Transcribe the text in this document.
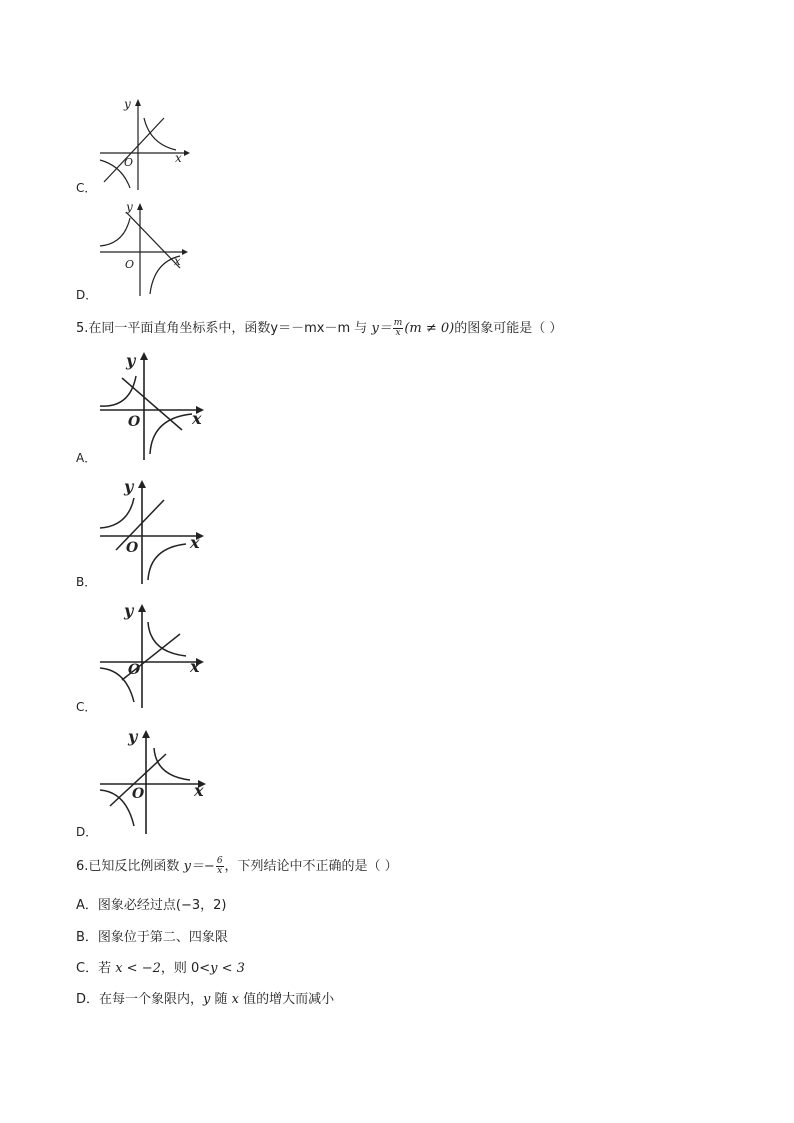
y
x
O
C．
y
x
O
D．
5.在同一平面直角坐标系中，函数y＝－mx－m 与 $y= \frac{m}{x} (m \ne 0)$的图象可能是（ ）
y
x
O
A．
y
x
O
B．
y
x
O
C．
y
x
O
D．
6.已知反比例函数 $y=- \frac{6}{x}$ ，下列结论中不正确的是（ ）
A．图象必经过点(−3，2)
B．图象位于第二、四象限
C．若 x < −2，则 0<y < 3
D．在每一个象限内，y 随 x 值的增大而减小
